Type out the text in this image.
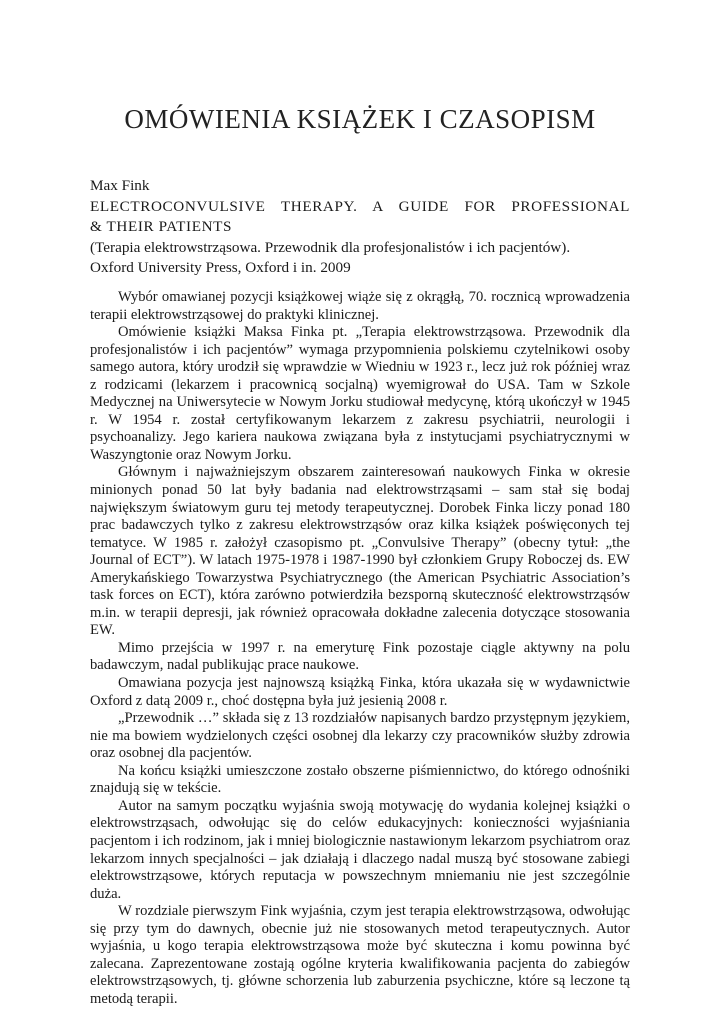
OMÓWIENIA KSIĄŻEK I CZASOPISM
Max Fink
ELECTROCONVULSIVE THERAPY. A GUIDE FOR PROFESSIONAL
& THEIR PATIENTS
(Terapia elektrowstrząsowa. Przewodnik dla profesjonalistów i ich pacjentów).
Oxford University Press, Oxford i in. 2009

Wybór omawianej pozycji książkowej wiąże się z okrągłą, 70. rocznicą wprowadzenia terapii elektrowstrząsowej do praktyki klinicznej.

Omówienie książki Maksa Finka pt. „Terapia elektrowstrząsowa. Przewodnik dla profesjonalistów i ich pacjentów” wymaga przypomnienia polskiemu czytelnikowi osoby samego autora, który urodził się wprawdzie w Wiedniu w 1923 r., lecz już rok później wraz z rodzicami (lekarzem i pracownicą socjalną) wyemigrował do USA. Tam w Szkole Medycznej na Uniwersytecie w Nowym Jorku studiował medycynę, którą ukończył w 1945 r. W 1954 r. został certyfikowanym lekarzem z zakresu psychiatrii, neurologii i psychoanalizy. Jego kariera naukowa związana była z instytucjami psychiatrycznymi w Waszyngtonie oraz Nowym Jorku.

Głównym i najważniejszym obszarem zainteresowań naukowych Finka w okresie minionych ponad 50 lat były badania nad elektrowstrząsami – sam stał się bodaj największym światowym guru tej metody terapeutycznej. Dorobek Finka liczy ponad 180 prac badawczych tylko z zakresu elektrowstrząsów oraz kilka książek poświęconych tej tematyce. W 1985 r. założył czasopismo pt. „Convulsive Therapy” (obecny tytuł: „the Journal of ECT”). W latach 1975-1978 i 1987-1990 był członkiem Grupy Roboczej ds. EW Amerykańskiego Towarzystwa Psychiatrycznego (the American Psychiatric Association’s task forces on ECT), która zarówno potwierdziła bezsporną skuteczność elektrowstrząsów m.in. w terapii depresji, jak również opracowała dokładne zalecenia dotyczące stosowania EW.

Mimo przejścia w 1997 r. na emeryturę Fink pozostaje ciągle aktywny na polu badawczym, nadal publikując prace naukowe.

Omawiana pozycja jest najnowszą książką Finka, która ukazała się w wydawnictwie Oxford z datą 2009 r., choć dostępna była już jesienią 2008 r.

„Przewodnik …” składa się z 13 rozdziałów napisanych bardzo przystępnym językiem, nie ma bowiem wydzielonych części osobnej dla lekarzy czy pracowników służby zdrowia oraz osobnej dla pacjentów.

Na końcu książki umieszczone zostało obszerne piśmiennictwo, do którego odnośniki znajdują się w tekście.

Autor na samym początku wyjaśnia swoją motywację do wydania kolejnej książki o elektrowstrząsach, odwołując się do celów edukacyjnych: konieczności wyjaśniania pacjentom i ich rodzinom, jak i mniej biologicznie nastawionym lekarzom psychiatrom oraz lekarzom innych specjalności – jak działają i dlaczego nadal muszą być stosowane zabiegi elektrowstrząsowe, których reputacja w powszechnym mniemaniu nie jest szczególnie duża.

W rozdziale pierwszym Fink wyjaśnia, czym jest terapia elektrowstrząsowa, odwołując się przy tym do dawnych, obecnie już nie stosowanych metod terapeutycznych. Autor wyjaśnia, u kogo terapia elektrowstrząsowa może być skuteczna i komu powinna być zalecana. Zaprezentowane zostają ogólne kryteria kwalifikowania pacjenta do zabiegów elektrowstrząsowych, tj. główne schorzenia lub zaburzenia psychiczne, które są leczone tą metodą terapii.
